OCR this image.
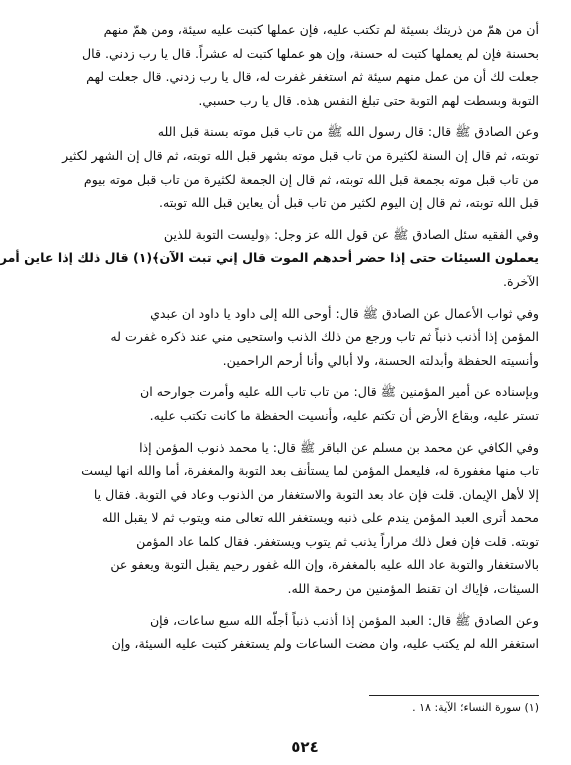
أن من همّ من ذريتك بسيئة لم تكتب عليه، فإن عملها كتبت عليه سيئة، ومن همّ منهم
بحسنة فإن لم يعملها كتبت له حسنة، وإن هو عملها كتبت له عشراً. قال يا رب زدني. قال
جعلت لك أن من عمل منهم سيئة ثم استغفر غفرت له، قال يا رب زدني. قال جعلت لهم
التوبة وبسطت لهم التوبة حتى تبلغ النفس هذه. قال يا رب حسبي.

وعن الصادق ﷺ قال: قال رسول الله ﷺ من تاب قبل موته بسنة قبل الله
توبته، ثم قال إن السنة لكثيرة من تاب قبل موته بشهر قبل الله توبته، ثم قال إن الشهر لكثير
من تاب قبل موته بجمعة قبل الله توبته، ثم قال إن الجمعة لكثيرة من تاب قبل موته بيوم
قبل الله توبته، ثم قال إن اليوم لكثير من تاب قبل أن يعاين قبل الله توبته.

وفي الفقيه سئل الصادق ﷺ عن قول الله عز وجل: ﴿وليست التوبة للذين
يعملون السيئات حتى إذا حضر أحدهم الموت قال إني تبت الآن﴾(١) قال ذلك إذا عاين أمر
الآخرة.

وفي ثواب الأعمال عن الصادق ﷺ قال: أوحى الله إلى داود يا داود ان عبدي
المؤمن إذا أذنب ذنباً ثم تاب ورجع من ذلك الذنب واستحيى مني عند ذكره غفرت له
وأنسيته الحفظة وأبدلته الحسنة، ولا أبالي وأنا أرحم الراحمين.

وبإسناده عن أمير المؤمنين ﷺ قال: من تاب تاب الله عليه وأمرت جوارحه ان
تستر عليه، وبقاع الأرض أن تكتم عليه، وأنسيت الحفظة ما كانت تكتب عليه.

وفي الكافي عن محمد بن مسلم عن الباقر ﷺ قال: يا محمد ذنوب المؤمن إذا
تاب منها مغفورة له، فليعمل المؤمن لما يستأنف بعد التوبة والمغفرة، أما والله انها ليست
إلا لأهل الإيمان. قلت فإن عاد بعد التوبة والاستغفار من الذنوب وعاد في التوبة. فقال يا
محمد أترى العبد المؤمن يندم على ذنبه ويستغفر الله تعالى منه ويتوب ثم لا يقبل الله
توبته. قلت فإن فعل ذلك مراراً يذنب ثم يتوب ويستغفر. فقال كلما عاد المؤمن
بالاستغفار والتوبة عاد الله عليه بالمغفرة، وإن الله غفور رحيم يقبل التوبة ويعفو عن
السيئات، فإياك ان تقنط المؤمنين من رحمة الله.

وعن الصادق ﷺ قال: العبد المؤمن إذا أذنب ذنباً أجلّه الله سبع ساعات، فإن
استغفر الله لم يكتب عليه، وان مضت الساعات ولم يستغفر كتبت عليه السيئة، وإن

(١) سورة النساء؛ الآية: ١٨ .
٥٢٤
